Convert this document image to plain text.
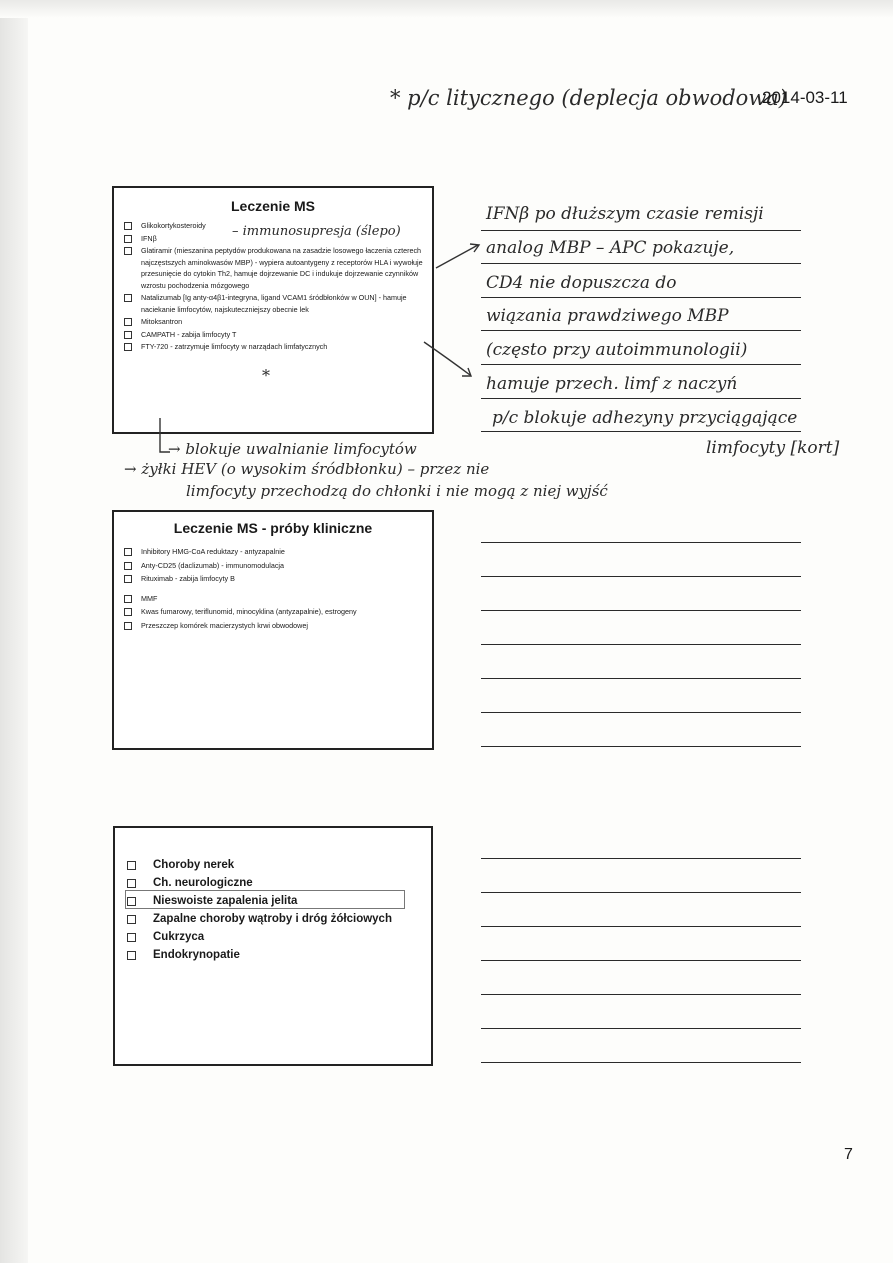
* p/c litycznego (deplecja obwodowa)
2014-03-11
Leczenie MS
Glikokortykosteroidy
IFNβ
Glatiramir (mieszanina peptydów produkowana na zasadzie losowego łaczenia czterech najczęstszych aminokwasów MBP) - wypiera autoantygeny z receptorów HLA i wywołuje przesunięcie do cytokin Th2, hamuje dojrzewanie DC i indukuje dojrzewanie czynników wzrostu pochodzenia mózgowego
Natalizumab [Ig anty-α4β1-integryna, ligand VCAM1 śródbłonków w OUN] - hamuje naciekanie limfocytów, najskuteczniejszy obecnie lek
Mitoksantron
CAMPATH - zabija limfocyty T
FTY-720 - zatrzymuje limfocyty w narządach limfatycznych
Leczenie MS - próby kliniczne
Inhibitory HMG-CoA reduktazy - antyzapalnie
Anty-CD25 (daclizumab) - immunomodulacja
Rituximab - zabija limfocyty B
MMF
Kwas fumarowy, teriflunomid, minocyklina (antyzapalnie), estrogeny
Przeszczep komórek macierzystych krwi obwodowej
Choroby nerek
Ch. neurologiczne
Nieswoiste zapalenia jelita
Zapalne choroby wątroby i dróg żółciowych
Cukrzyca
Endokrynopatie
– immunosupresja (ślepo)
*
IFNβ po dłuższym czasie remisji
analog MBP – APC pokazuje,
CD4 nie dopuszcza do
wiązania prawdziwego MBP
(często przy autoimmunologii)
hamuje przech. limf z naczyń
p/c blokuje adhezyny przyciągające
limfocyty [kort]
→ blokuje uwalnianie limfocytów
→ żyłki HEV (o wysokim śródbłonku) – przez nie
limfocyty przechodzą do chłonki i nie mogą z niej wyjść
7
